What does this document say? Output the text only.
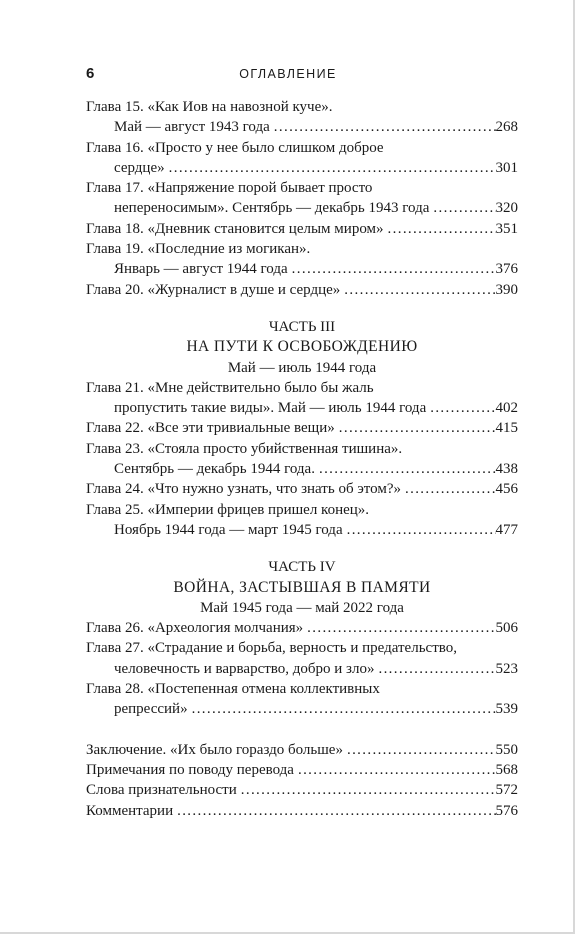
6	ОГЛАВЛЕНИЕ
Глава 15. «Как Иов на навозной куче».
Май — август 1943 года . . .	268
Глава 16. «Просто у нее было слишком доброе
сердце» . . .	301
Глава 17. «Напряжение порой бывает просто
непереносимым». Сентябрь — декабрь 1943 года . . .	320
Глава 18. «Дневник становится целым миром» . . .	351
Глава 19. «Последние из могикан».
Январь — август 1944 года . . .	376
Глава 20. «Журналист в душе и сердце» . . .	390
ЧАСТЬ III
НА ПУТИ К ОСВОБОЖДЕНИЮ
Май — июль 1944 года
Глава 21. «Мне действительно было бы жаль
пропустить такие виды». Май — июль 1944 года . . .	402
Глава 22. «Все эти тривиальные вещи» . . .	415
Глава 23. «Стояла просто убийственная тишина».
Сентябрь — декабрь 1944 года. . . .	438
Глава 24. «Что нужно узнать, что знать об этом?» . . .	456
Глава 25. «Империи фрицев пришел конец».
Ноябрь 1944 года — март 1945 года . . .	477
ЧАСТЬ IV
ВОЙНА, ЗАСТЫВШАЯ В ПАМЯТИ
Май 1945 года — май 2022 года
Глава 26. «Археология молчания» . . .	506
Глава 27. «Страдание и борьба, верность и предательство,
человечность и варварство, добро и зло» . . .	523
Глава 28. «Постепенная отмена коллективных
репрессий» . . .	539
Заключение. «Их было гораздо больше» . . .	550
Примечания по поводу перевода . . .	568
Слова признательности . . .	572
Комментарии . . .	576
